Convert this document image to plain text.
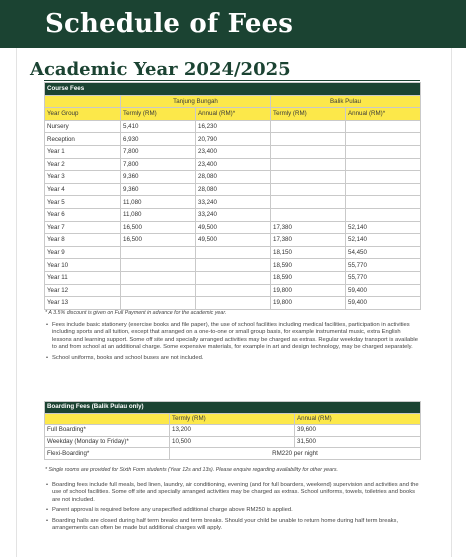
Schedule of Fees
Academic Year 2024/2025
Course Fees				
	Tanjung Bungah		Balik Pulau	
Year Group	Termly (RM)	Annual (RM)*	Termly (RM)	Annual (RM)*
Nursery	5,410	16,230		
Reception	6,930	20,790		
Year 1	7,800	23,400		
Year 2	7,800	23,400		
Year 3	9,360	28,080		
Year 4	9,360	28,080		
Year 5	11,080	33,240		
Year 6	11,080	33,240		
Year 7	16,500	49,500	17,380	52,140
Year 8	16,500	49,500	17,380	52,140
Year 9			18,150	54,450
Year 10			18,590	55,770
Year 11			18,590	55,770
Year 12			19,800	59,400
Year 13			19,800	59,400
* A 3.5% discount is given on Full Payment in advance for the academic year.
• Fees include basic stationery (exercise books and file paper), the use of school facilities including medical facilities, participation in activities including sports and all tuition, except that arranged on a one-to-one or small group basis, for example instrumental music, extra English lessons and learning support. Some off site and specially arranged activities may be charged as extras. Regular weekday transport is available to and from school at an additional charge. Some expensive materials, for example in art and design technology, may be charged separately.
• School uniforms, books and school buses are not included.
Boarding Fees (Balik Pulau only)		
	Termly (RM)	Annual (RM)
Full Boarding*	13,200	39,600
Weekday (Monday to Friday)*	10,500	31,500
Flexi-Boarding*	RM220 per night	
* Single rooms are provided for Sixth Form students (Year 12s and 13s). Please enquire regarding availability for other years.
• Boarding fees include full meals, bed linen, laundry, air conditioning, evening (and for full boarders, weekend) supervision and activities and the use of school facilities. Some off site and specially arranged activities may be charged as extras. School uniforms, towels, toiletries and books are not included.
• Parent approval is required before any unspecified additional charge above RM250 is applied.
• Boarding halls are closed during half term breaks and term breaks. Should your child be unable to return home during half term breaks, arrangements can often be made but additional charges will apply.
